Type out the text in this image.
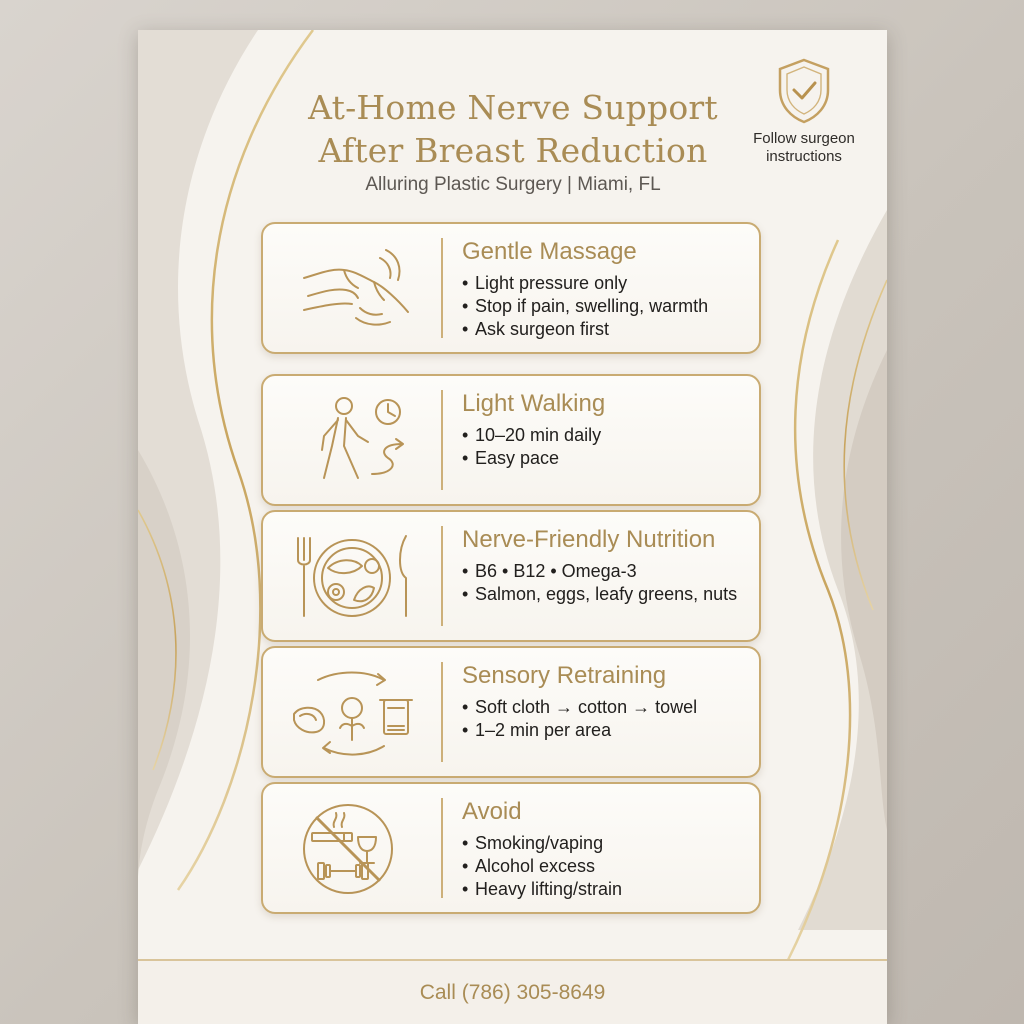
At-Home Nerve Support
After Breast Reduction
Alluring Plastic Surgery | Miami, FL
Follow surgeon
instructions
Gentle Massage
• Light pressure only
• Stop if pain, swelling, warmth
• Ask surgeon first
Light Walking
• 10–20 min daily
• Easy pace
Nerve-Friendly Nutrition
• B6 • B12 • Omega-3
• Salmon, eggs, leafy greens, nuts
Sensory Retraining
• Soft cloth → cotton → towel
• 1–2 min per area
Avoid
• Smoking/vaping
• Alcohol excess
• Heavy lifting/strain
Call (786) 305-8649
